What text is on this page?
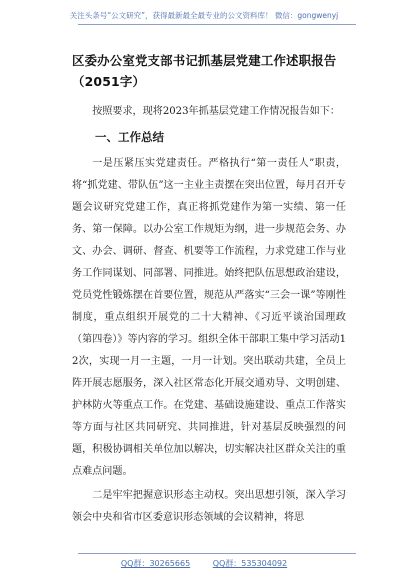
关注头条号“公文研究”，获得最新最全最专业的公文资料库！ 微信：gongwenyj
区委办公室党支部书记抓基层党建工作述职报告（2051字）

按照要求，现将2023年抓基层党建工作情况报告如下：

一、工作总结

一是压紧压实党建责任。严格执行“第一责任人”职责，将“抓党建、带队伍”这一主业主责摆在突出位置，每月召开专题会议研究党建工作，真正将抓党建作为第一实绩、第一任务、第一保障。以办公室工作规矩为纲，进一步规范会务、办文、办会、调研、督查、机要等工作流程，力求党建工作与业务工作同谋划、同部署、同推进。始终把队伍思想政治建设，党员党性锻炼摆在首要位置，规范从严落实“三会一课”等刚性制度，重点组织开展党的二十大精神、《习近平谈治国理政（第四卷）》等内容的学习。组织全体干部职工集中学习活动12次，实现一月一主题，一月一计划。突出联动共建，全员上阵开展志愿服务，深入社区常态化开展交通劝导、文明创建、护林防火等重点工作。在党建、基础设施建设、重点工作落实等方面与社区共同研究、共同推进，针对基层反映强烈的问题，积极协调相关单位加以解决，切实解决社区群众关注的重点难点问题。

二是牢牢把握意识形态主动权。突出思想引领，深入学习领会中央和省市区委意识形态领域的会议精神，将思

QQ群：30265665	QQ群：535304092
